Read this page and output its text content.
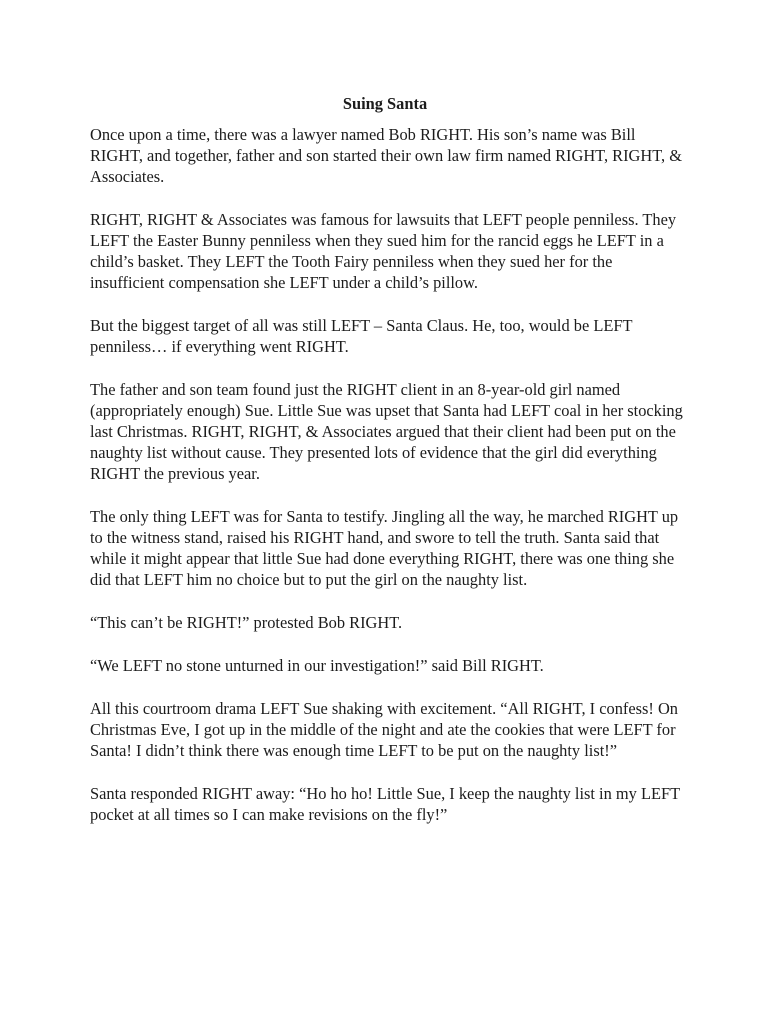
Suing Santa

Once upon a time, there was a lawyer named Bob RIGHT. His son’s name was Bill RIGHT, and together, father and son started their own law firm named RIGHT, RIGHT, & Associates.

RIGHT, RIGHT & Associates was famous for lawsuits that LEFT people penniless. They LEFT the Easter Bunny penniless when they sued him for the rancid eggs he LEFT in a child’s basket. They LEFT the Tooth Fairy penniless when they sued her for the insufficient compensation she LEFT under a child’s pillow.

But the biggest target of all was still LEFT – Santa Claus. He, too, would be LEFT penniless… if everything went RIGHT.

The father and son team found just the RIGHT client in an 8-year-old girl named (appropriately enough) Sue. Little Sue was upset that Santa had LEFT coal in her stocking last Christmas. RIGHT, RIGHT, & Associates argued that their client had been put on the naughty list without cause. They presented lots of evidence that the girl did everything RIGHT the previous year.

The only thing LEFT was for Santa to testify. Jingling all the way, he marched RIGHT up to the witness stand, raised his RIGHT hand, and swore to tell the truth. Santa said that while it might appear that little Sue had done everything RIGHT, there was one thing she did that LEFT him no choice but to put the girl on the naughty list.

“This can’t be RIGHT!” protested Bob RIGHT.

“We LEFT no stone unturned in our investigation!” said Bill RIGHT.

All this courtroom drama LEFT Sue shaking with excitement. “All RIGHT, I confess! On Christmas Eve, I got up in the middle of the night and ate the cookies that were LEFT for Santa! I didn’t think there was enough time LEFT to be put on the naughty list!”

Santa responded RIGHT away: “Ho ho ho! Little Sue, I keep the naughty list in my LEFT pocket at all times so I can make revisions on the fly!”
